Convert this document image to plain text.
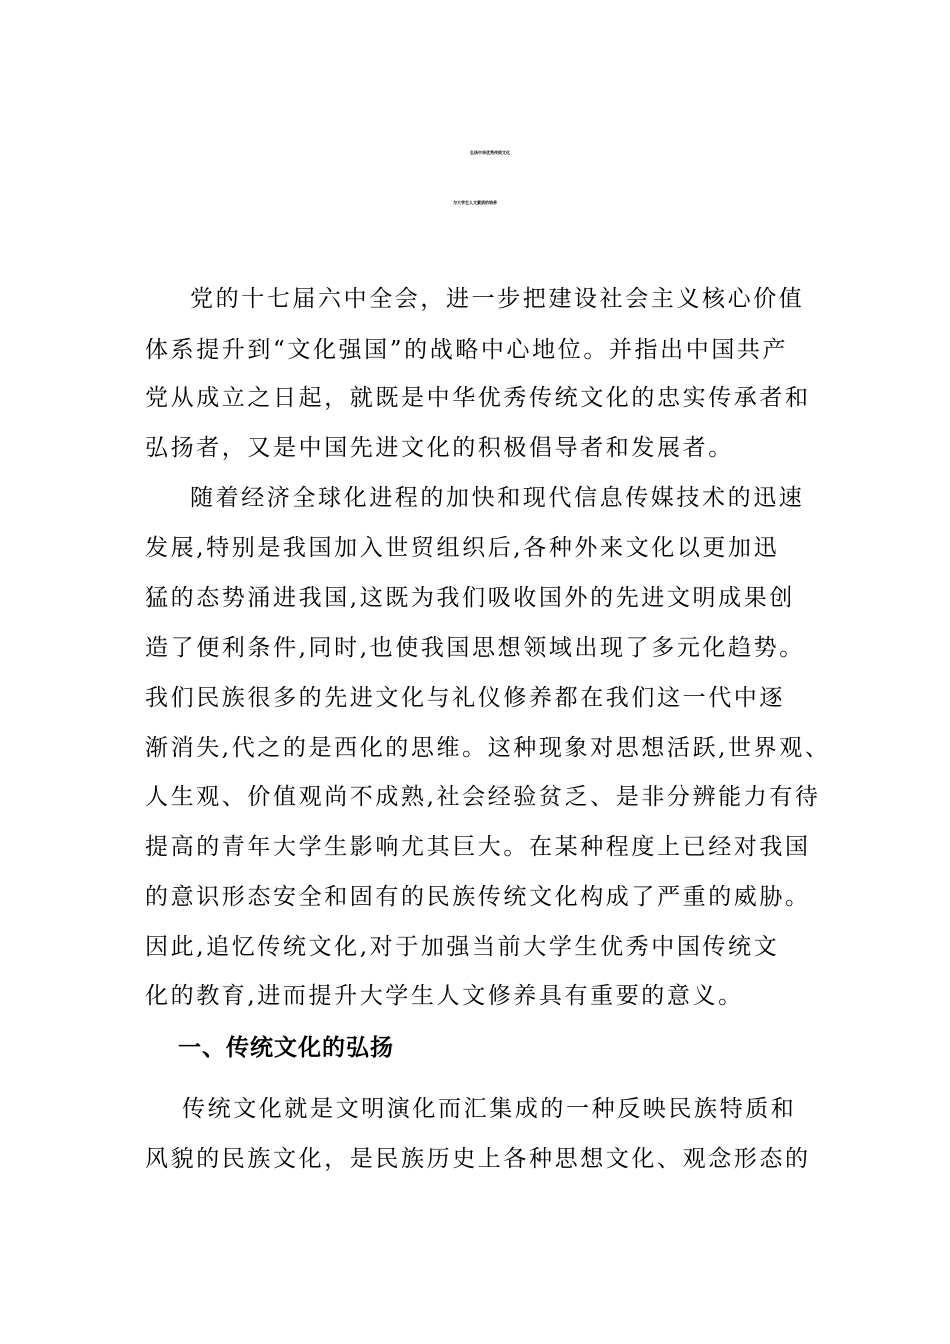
弘扬中华优秀传统文化
与大学生人文素质的培养
党的十七届六中全会，进一步把建设社会主义核心价值
体系提升到“文化强国”的战略中心地位。并指出中国共产
党从成立之日起，就既是中华优秀传统文化的忠实传承者和
弘扬者，又是中国先进文化的积极倡导者和发展者。
随着经济全球化进程的加快和现代信息传媒技术的迅速
发展,特别是我国加入世贸组织后,各种外来文化以更加迅
猛的态势涌进我国,这既为我们吸收国外的先进文明成果创
造了便利条件,同时,也使我国思想领域出现了多元化趋势。
我们民族很多的先进文化与礼仪修养都在我们这一代中逐
渐消失,代之的是西化的思维。这种现象对思想活跃,世界观、
人生观、价值观尚不成熟,社会经验贫乏、是非分辨能力有待
提高的青年大学生影响尤其巨大。在某种程度上已经对我国
的意识形态安全和固有的民族传统文化构成了严重的威胁。
因此,追忆传统文化,对于加强当前大学生优秀中国传统文
化的教育,进而提升大学生人文修养具有重要的意义。
一、传统文化的弘扬
传统文化就是文明演化而汇集成的一种反映民族特质和
风貌的民族文化，是民族历史上各种思想文化、观念形态的
